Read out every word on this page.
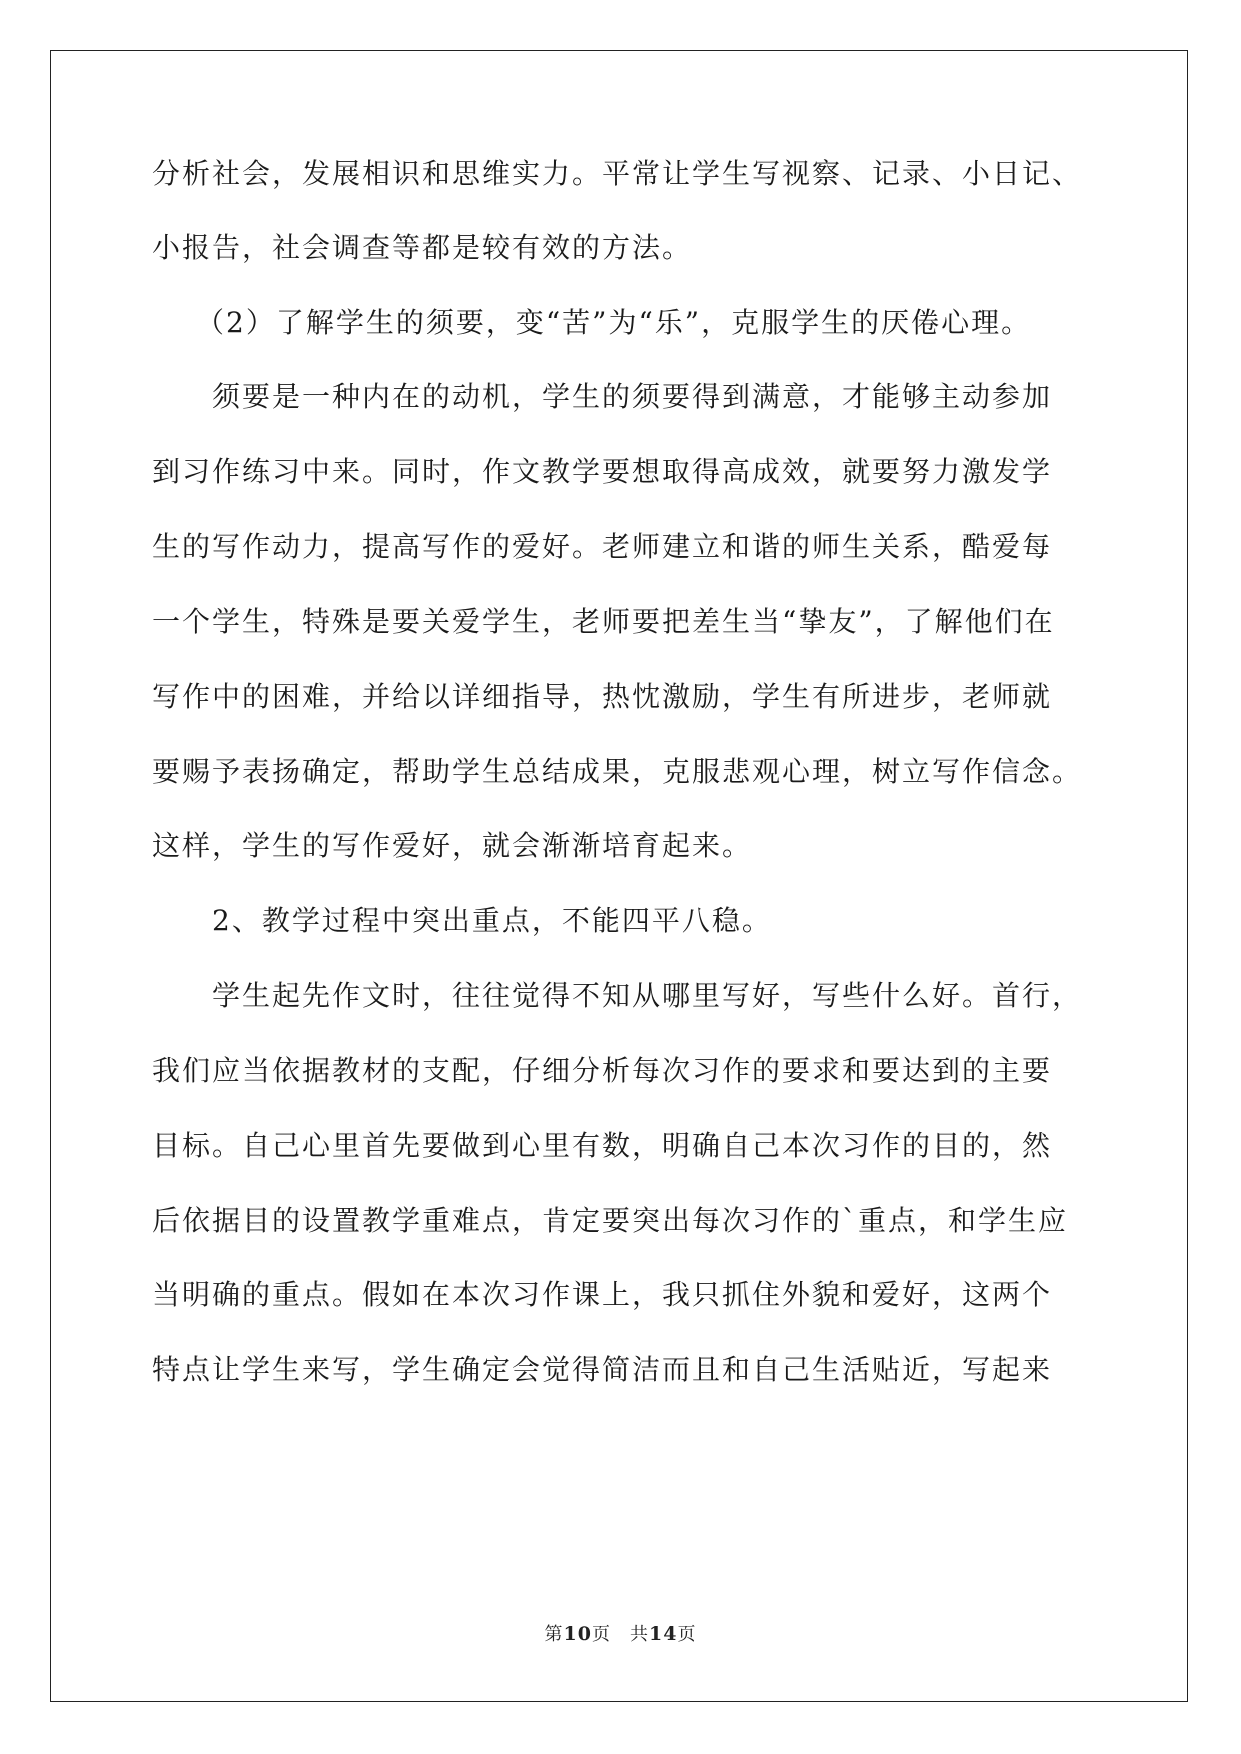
分析社会，发展相识和思维实力。平常让学生写视察、记录、小日记、
小报告，社会调查等都是较有效的方法。
（2）了解学生的须要，变“苦”为“乐”，克服学生的厌倦心理。
须要是一种内在的动机，学生的须要得到满意，才能够主动参加
到习作练习中来。同时，作文教学要想取得高成效，就要努力激发学
生的写作动力，提高写作的爱好。老师建立和谐的师生关系，酷爱每
一个学生，特殊是要关爱学生，老师要把差生当“挚友”，了解他们在
写作中的困难，并给以详细指导，热忱激励，学生有所进步，老师就
要赐予表扬确定，帮助学生总结成果，克服悲观心理，树立写作信念。
这样，学生的写作爱好，就会渐渐培育起来。
2、教学过程中突出重点，不能四平八稳。
学生起先作文时，往往觉得不知从哪里写好，写些什么好。首行，
我们应当依据教材的支配，仔细分析每次习作的要求和要达到的主要
目标。自己心里首先要做到心里有数，明确自己本次习作的目的，然
后依据目的设置教学重难点，肯定要突出每次习作的`重点，和学生应
当明确的重点。假如在本次习作课上，我只抓住外貌和爱好，这两个
特点让学生来写，学生确定会觉得简洁而且和自己生活贴近，写起来
第10页　共14页
